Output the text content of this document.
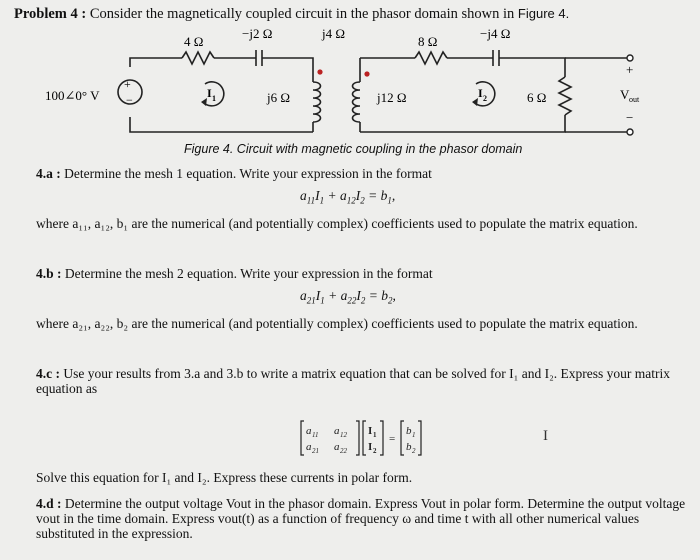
Problem 4 : Consider the magnetically coupled circuit in the phasor domain shown in Figure 4.
100∠0° V
+
−
4 Ω
−j2 Ω	j4 Ω
8 Ω
−j4 Ω
j6 Ω	j12 Ω	6 Ω
I 1	I 2
+
V out
−
Figure 4. Circuit with magnetic coupling in the phasor domain
4.a : Determine the mesh 1 equation. Write your expression in the format
$a_{11}I_1 + a_{12}I_2 = b_1$,
where a₁₁, a₁₂, b₁ are the numerical (and potentially complex) coefficients used to populate the matrix equation.
4.b : Determine the mesh 2 equation. Write your expression in the format
$a_{21}I_1 + a_{22}I_2 = b_2$,
where a₂₁, a₂₂, b₂ are the numerical (and potentially complex) coefficients used to populate the matrix equation.
4.c : Use your results from 3.a and 3.b to write a matrix equation that can be solved for I₁ and I₂. Express your matrix equation as
a 11 a 12
a 21 a 22
I 1
I 2
=
b 1
b 2
I
Solve this equation for I₁ and I₂. Express these currents in polar form.
4.d : Determine the output voltage Vout in the phasor domain. Express Vout in polar form. Determine the output voltage vout in the time domain. Express vout(t) as a function of frequency ω and time t with all other numerical values substituted in the expression.
